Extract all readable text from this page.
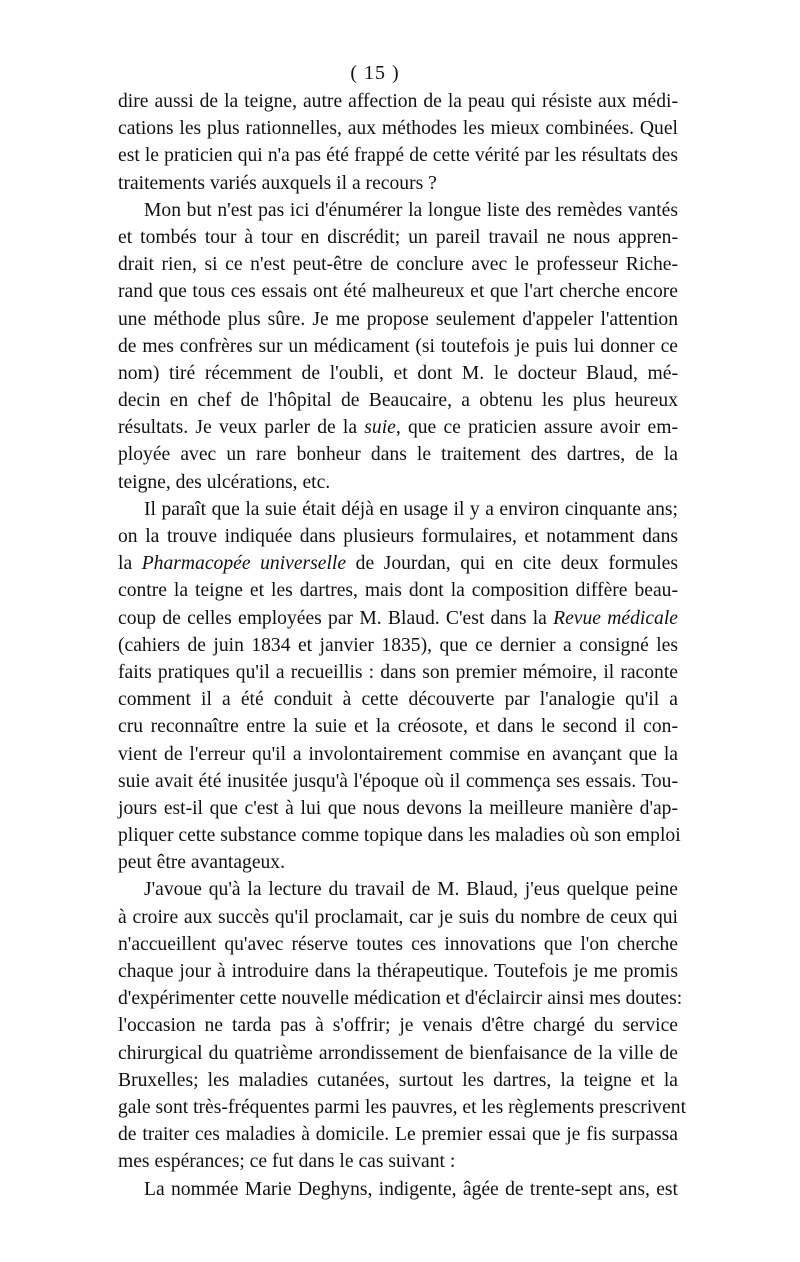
( 15 )
dire aussi de la teigne, autre affection de la peau qui résiste aux médi-
cations les plus rationnelles, aux méthodes les mieux combinées. Quel
est le praticien qui n'a pas été frappé de cette vérité par les résultats des
traitements variés auxquels il a recours ?
Mon but n'est pas ici d'énumérer la longue liste des remèdes vantés
et tombés tour à tour en discrédit; un pareil travail ne nous appren-
drait rien, si ce n'est peut-être de conclure avec le professeur Riche-
rand que tous ces essais ont été malheureux et que l'art cherche encore
une méthode plus sûre. Je me propose seulement d'appeler l'attention
de mes confrères sur un médicament (si toutefois je puis lui donner ce
nom) tiré récemment de l'oubli, et dont M. le docteur Blaud, mé-
decin en chef de l'hôpital de Beaucaire, a obtenu les plus heureux
résultats. Je veux parler de la suie, que ce praticien assure avoir em-
ployée avec un rare bonheur dans le traitement des dartres, de la
teigne, des ulcérations, etc.
Il paraît que la suie était déjà en usage il y a environ cinquante ans;
on la trouve indiquée dans plusieurs formulaires, et notamment dans
la Pharmacopée universelle de Jourdan, qui en cite deux formules
contre la teigne et les dartres, mais dont la composition diffère beau-
coup de celles employées par M. Blaud. C'est dans la Revue médicale
(cahiers de juin 1834 et janvier 1835), que ce dernier a consigné les
faits pratiques qu'il a recueillis : dans son premier mémoire, il raconte
comment il a été conduit à cette découverte par l'analogie qu'il a
cru reconnaître entre la suie et la créosote, et dans le second il con-
vient de l'erreur qu'il a involontairement commise en avançant que la
suie avait été inusitée jusqu'à l'époque où il commença ses essais. Tou-
jours est-il que c'est à lui que nous devons la meilleure manière d'ap-
pliquer cette substance comme topique dans les maladies où son emploi
peut être avantageux.
J'avoue qu'à la lecture du travail de M. Blaud, j'eus quelque peine
à croire aux succès qu'il proclamait, car je suis du nombre de ceux qui
n'accueillent qu'avec réserve toutes ces innovations que l'on cherche
chaque jour à introduire dans la thérapeutique. Toutefois je me promis
d'expérimenter cette nouvelle médication et d'éclaircir ainsi mes doutes:
l'occasion ne tarda pas à s'offrir; je venais d'être chargé du service
chirurgical du quatrième arrondissement de bienfaisance de la ville de
Bruxelles; les maladies cutanées, surtout les dartres, la teigne et la
gale sont très-fréquentes parmi les pauvres, et les règlements prescrivent
de traiter ces maladies à domicile. Le premier essai que je fis surpassa
mes espérances; ce fut dans le cas suivant :
La nommée Marie Deghyns, indigente, âgée de trente-sept ans, est
